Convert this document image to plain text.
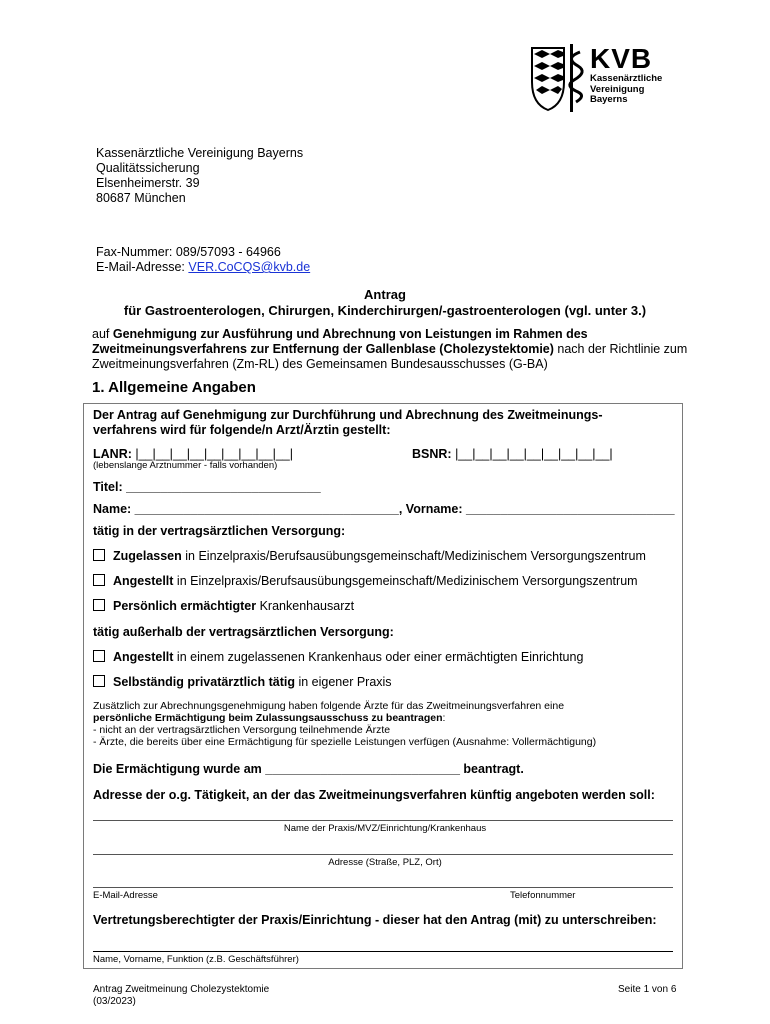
KVB
Kassenärztliche
Vereinigung
Bayerns
Kassenärztliche Vereinigung Bayerns
Qualitätssicherung
Elsenheimerstr. 39
80687 München
Fax-Nummer: 089/57093 - 64966
E-Mail-Adresse: VER.CoCQS@kvb.de
Antrag
für Gastroenterologen, Chirurgen, Kinderchirurgen/-gastroenterologen (vgl. unter 3.)
auf Genehmigung zur Ausführung und Abrechnung von Leistungen im Rahmen des Zweitmeinungsverfahrens zur Entfernung der Gallenblase (Cholezystektomie) nach der Richtlinie zum Zweitmeinungsverfahren (Zm-RL) des Gemeinsamen Bundesausschusses (G-BA)
1. Allgemeine Angaben
Der Antrag auf Genehmigung zur Durchführung und Abrechnung des Zweitmeinungs-
verfahrens wird für folgende/n Arzt/Ärztin gestellt:
LANR: |__|__|__|__|__|__|__|__|__|
(lebenslange Arztnummer - falls vorhanden)
BSNR: |__|__|__|__|__|__|__|__|__|
Titel: ____________________________
Name: ______________________________________, Vorname: ______________________________
tätig in der vertragsärztlichen Versorgung:
Zugelassen in Einzelpraxis/Berufsausübungsgemeinschaft/Medizinischem Versorgungszentrum
Angestellt in Einzelpraxis/Berufsausübungsgemeinschaft/Medizinischem Versorgungszentrum
Persönlich ermächtigter Krankenhausarzt
tätig außerhalb der vertragsärztlichen Versorgung:
Angestellt in einem zugelassenen Krankenhaus oder einer ermächtigten Einrichtung
Selbständig privatärztlich tätig in eigener Praxis
Zusätzlich zur Abrechnungsgenehmigung haben folgende Ärzte für das Zweitmeinungsverfahren eine
persönliche Ermächtigung beim Zulassungsausschuss zu beantragen:
- nicht an der vertragsärztlichen Versorgung teilnehmende Ärzte
- Ärzte, die bereits über eine Ermächtigung für spezielle Leistungen verfügen (Ausnahme: Vollermächtigung)
Die Ermächtigung wurde am ____________________________ beantragt.
Adresse der o.g. Tätigkeit, an der das Zweitmeinungsverfahren künftig angeboten werden soll:
Name der Praxis/MVZ/Einrichtung/Krankenhaus
Adresse (Straße, PLZ, Ort)
E-Mail-Adresse	Telefonnummer
Vertretungsberechtigter der Praxis/Einrichtung - dieser hat den Antrag (mit) zu unterschreiben:
Name, Vorname, Funktion (z.B. Geschäftsführer)
Antrag Zweitmeinung Cholezystektomie
(03/2023)
Seite 1 von 6
